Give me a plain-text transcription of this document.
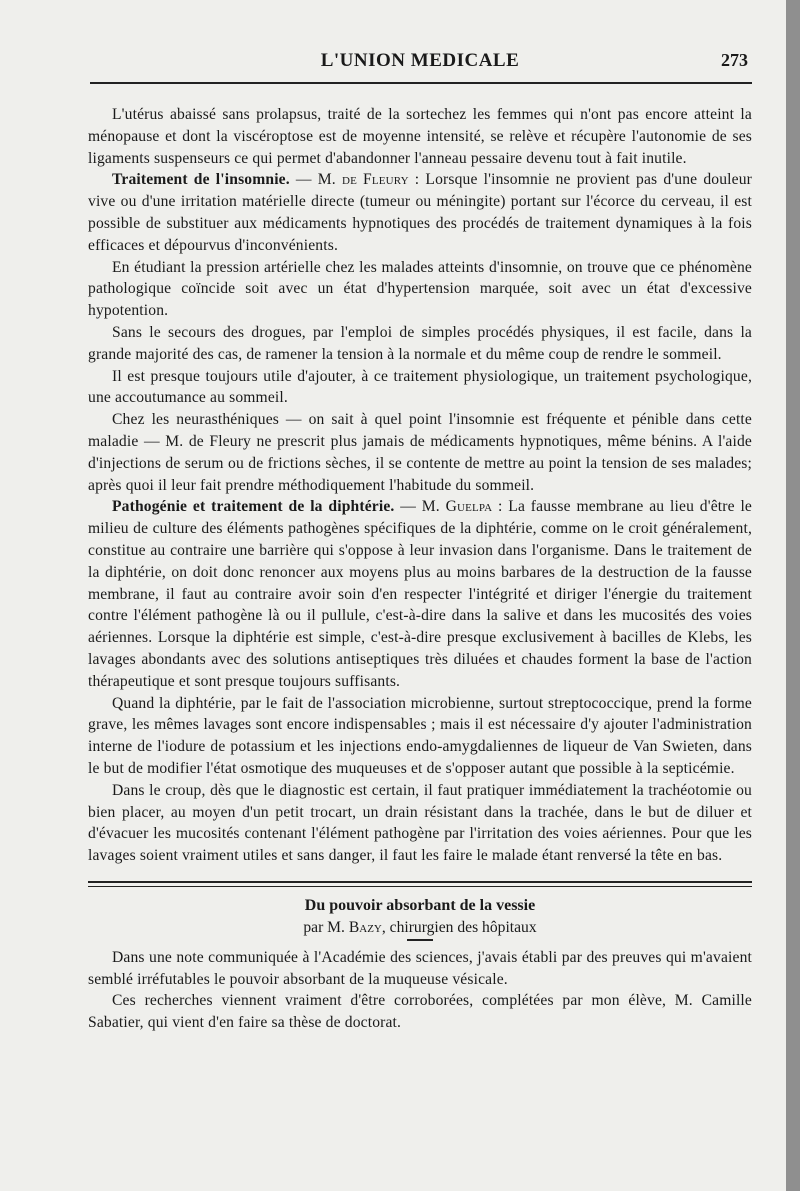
L'UNION MEDICALE	273

L'utérus abaissé sans prolapsus, traité de la sortechez les femmes qui n'ont pas encore atteint la ménopause et dont la viscéroptose est de moyenne intensité, se relève et récupère l'autonomie de ses ligaments suspenseurs ce qui permet d'abandonner l'anneau pessaire devenu tout à fait inutile.

Traitement de l'insomnie. — M. de Fleury : Lorsque l'insomnie ne provient pas d'une douleur vive ou d'une irritation matérielle directe (tumeur ou méningite) portant sur l'écorce du cerveau, il est possible de substituer aux médicaments hypnotiques des procédés de traitement dynamiques à la fois efficaces et dépourvus d'inconvénients.

En étudiant la pression artérielle chez les malades atteints d'insomnie, on trouve que ce phénomène pathologique coïncide soit avec un état d'hypertension marquée, soit avec un état d'excessive hypotention.

Sans le secours des drogues, par l'emploi de simples procédés physiques, il est facile, dans la grande majorité des cas, de ramener la tension à la normale et du même coup de rendre le sommeil.

Il est presque toujours utile d'ajouter, à ce traitement physiologique, un traitement psychologique, une accoutumance au sommeil.

Chez les neurasthéniques — on sait à quel point l'insomnie est fréquente et pénible dans cette maladie — M. de Fleury ne prescrit plus jamais de médicaments hypnotiques, même bénins. A l'aide d'injections de serum ou de frictions sèches, il se contente de mettre au point la tension de ses malades; après quoi il leur fait prendre méthodiquement l'habitude du sommeil.

Pathogénie et traitement de la diphtérie. — M. Guelpa : La fausse membrane au lieu d'être le milieu de culture des éléments pathogènes spécifiques de la diphtérie, comme on le croit généralement, constitue au contraire une barrière qui s'oppose à leur invasion dans l'organisme. Dans le traitement de la diphtérie, on doit donc renoncer aux moyens plus au moins barbares de la destruction de la fausse membrane, il faut au contraire avoir soin d'en respecter l'intégrité et diriger l'énergie du traitement contre l'élément pathogène là ou il pullule, c'est-à-dire dans la salive et dans les mucosités des voies aériennes. Lorsque la diphtérie est simple, c'est-à-dire presque exclusivement à bacilles de Klebs, les lavages abondants avec des solutions antiseptiques très diluées et chaudes forment la base de l'action thérapeutique et sont presque toujours suffisants.

Quand la diphtérie, par le fait de l'association microbienne, surtout streptococcique, prend la forme grave, les mêmes lavages sont encore indispensables ; mais il est nécessaire d'y ajouter l'administration interne de l'iodure de potassium et les injections endo-amygdaliennes de liqueur de Van Swieten, dans le but de modifier l'état osmotique des muqueuses et de s'opposer autant que possible à la septicémie.

Dans le croup, dès que le diagnostic est certain, il faut pratiquer immédiatement la trachéotomie ou bien placer, au moyen d'un petit trocart, un drain résistant dans la trachée, dans le but de diluer et d'évacuer les mucosités contenant l'élément pathogène par l'irritation des voies aériennes. Pour que les lavages soient vraiment utiles et sans danger, il faut les faire le malade étant renversé la tête en bas.

Du pouvoir absorbant de la vessie
par M. Bazy, chirurgien des hôpitaux

Dans une note communiquée à l'Académie des sciences, j'avais établi par des preuves qui m'avaient semblé irréfutables le pouvoir absorbant de la muqueuse vésicale.

Ces recherches viennent vraiment d'être corroborées, complétées par mon élève, M. Camille Sabatier, qui vient d'en faire sa thèse de doctorat.
